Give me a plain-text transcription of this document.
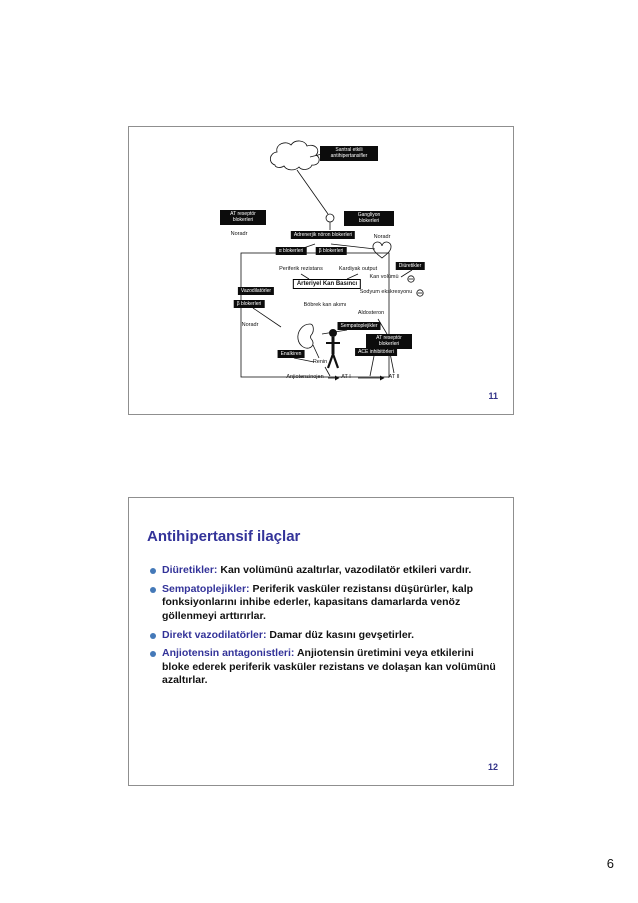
Santral etkili antihipertansifler
AT reseptör blokerleri
Gangliyon blokerleri
Adrenerjik nöron blokerleri
α blokerleri	β blokerleri
Diüretikler
Vazodilatörler
β blokerleri
Sempatoplejikler
AT reseptör blokerleri
Enalkiren	ACE inhibitörleri
Noradr	Noradr
Noradr
Periferik rezistans	Kardiyak output
Kan volümü
Sodyum ekskresyonu
Böbrek kan akımı
Aldosteron
Renin
Anjiotensinojen	AT I	AT II
Arteriyel Kan Basıncı
11
Antihipertansif ilaçlar
Diüretikler: Kan volümünü azaltırlar, vazodilatör etkileri vardır.
Sempatoplejikler: Periferik vasküler rezistansı düşürürler, kalp fonksiyonlarını inhibe ederler, kapasitans damarlarda venöz göllenmeyi arttırırlar.
Direkt vazodilatörler: Damar düz kasını gevşetirler.
Anjiotensin antagonistleri: Anjiotensin üretimini veya etkilerini bloke ederek periferik vasküler rezistans ve dolaşan kan volümünü azaltırlar.
12
6
